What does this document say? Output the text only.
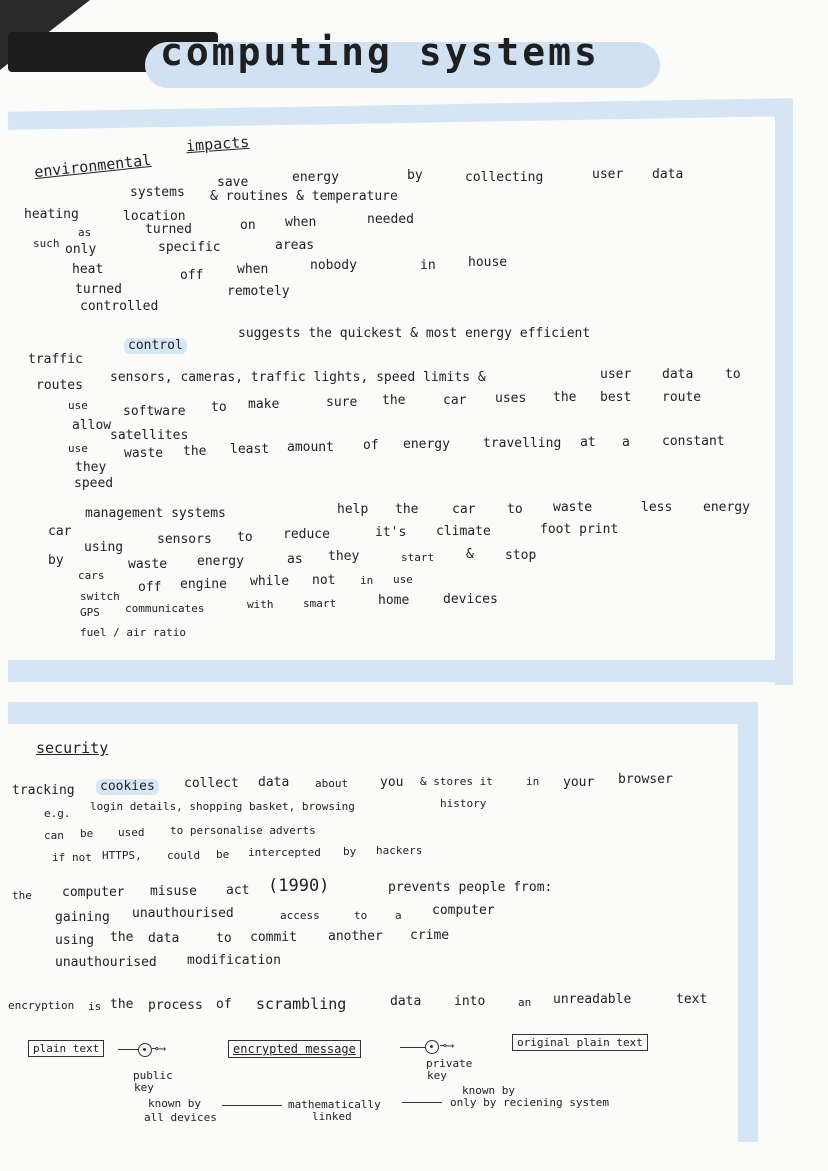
computing systems
environmental
impacts
heating
systems
save	energy	by	collecting	user data
such
as
location
& routines & temperature
only
turned	on when	needed
heat
specific	areas
turned
off	when	nobody	in house
controlled
remotely
traffic
control
suggests the quickest & most energy efficient
routes
use
sensors, cameras, traffic lights, speed limits &	user data to
allow
software to make	sure the	car uses the best route
use
satellites
they
waste the least amount of energy	travelling at a constant
speed
car
management systems	help the	car to waste	less energy
by
using
sensors to reduce	it's climate	foot print
cars
waste energy	as they	start & stop
switch
off engine while not in use
GPS communicates	with	smart	home	devices
fuel / air ratio
security
tracking	cookies	collect data about you & stores it	in your browser
e.g.
login details, shopping basket, browsing	history
can be used to personalise adverts
if not HTTPS, could be intercepted by hackers
the computer misuse act (1990)	prevents people from:
gaining unauthourised	access	to	a computer
using the data	to commit another crime
unauthourised modification
encryption is the process of scrambling	data	into	an unreadable	text
plain text	⊸⟶	encrypted message	⊸⟶	original plain text
public
key
private
key
known by
all devices
mathematically
linked
known by
only by reciening system
